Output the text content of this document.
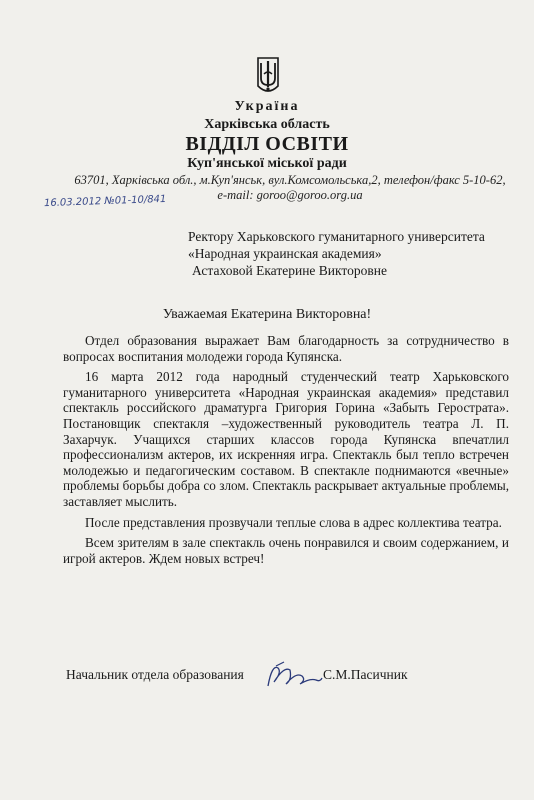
Україна
Харківська область
ВІДДІЛ ОСВІТИ
Куп'янської міської ради
63701, Харківська обл., м.Куп'янськ, вул.Комсомольська,2, телефон/факс 5-10-62,
e-mail: goroo@goroo.org.ua
16.03.2012 №01-10/841
Ректору Харьковского гуманитарного университета
«Народная украинская академия»
Астаховой Екатерине Викторовне
Уважаемая Екатерина Викторовна!

Отдел образования выражает Вам благодарность за сотрудничество в вопросах воспитания молодежи города Купянска.

16 марта 2012 года народный студенческий театр Харьковского гуманитарного университета «Народная украинская академия» представил спектакль российского драматурга Григория Горина «Забыть Герострата». Постановщик спектакля –художественный руководитель театра Л. П. Захарчук. Учащихся старших классов города Купянска впечатлил профессионализм актеров, их искренняя игра. Спектакль был тепло встречен молодежью и педагогическим составом. В спектакле поднимаются «вечные» проблемы борьбы добра со злом. Спектакль раскрывает актуальные проблемы, заставляет мыслить.

После представления прозвучали теплые слова в адрес коллектива театра.

Всем зрителям в зале спектакль очень понравился и своим содержанием, и игрой актеров. Ждем новых встреч!

Начальник отдела образования	С.М.Пасичник
